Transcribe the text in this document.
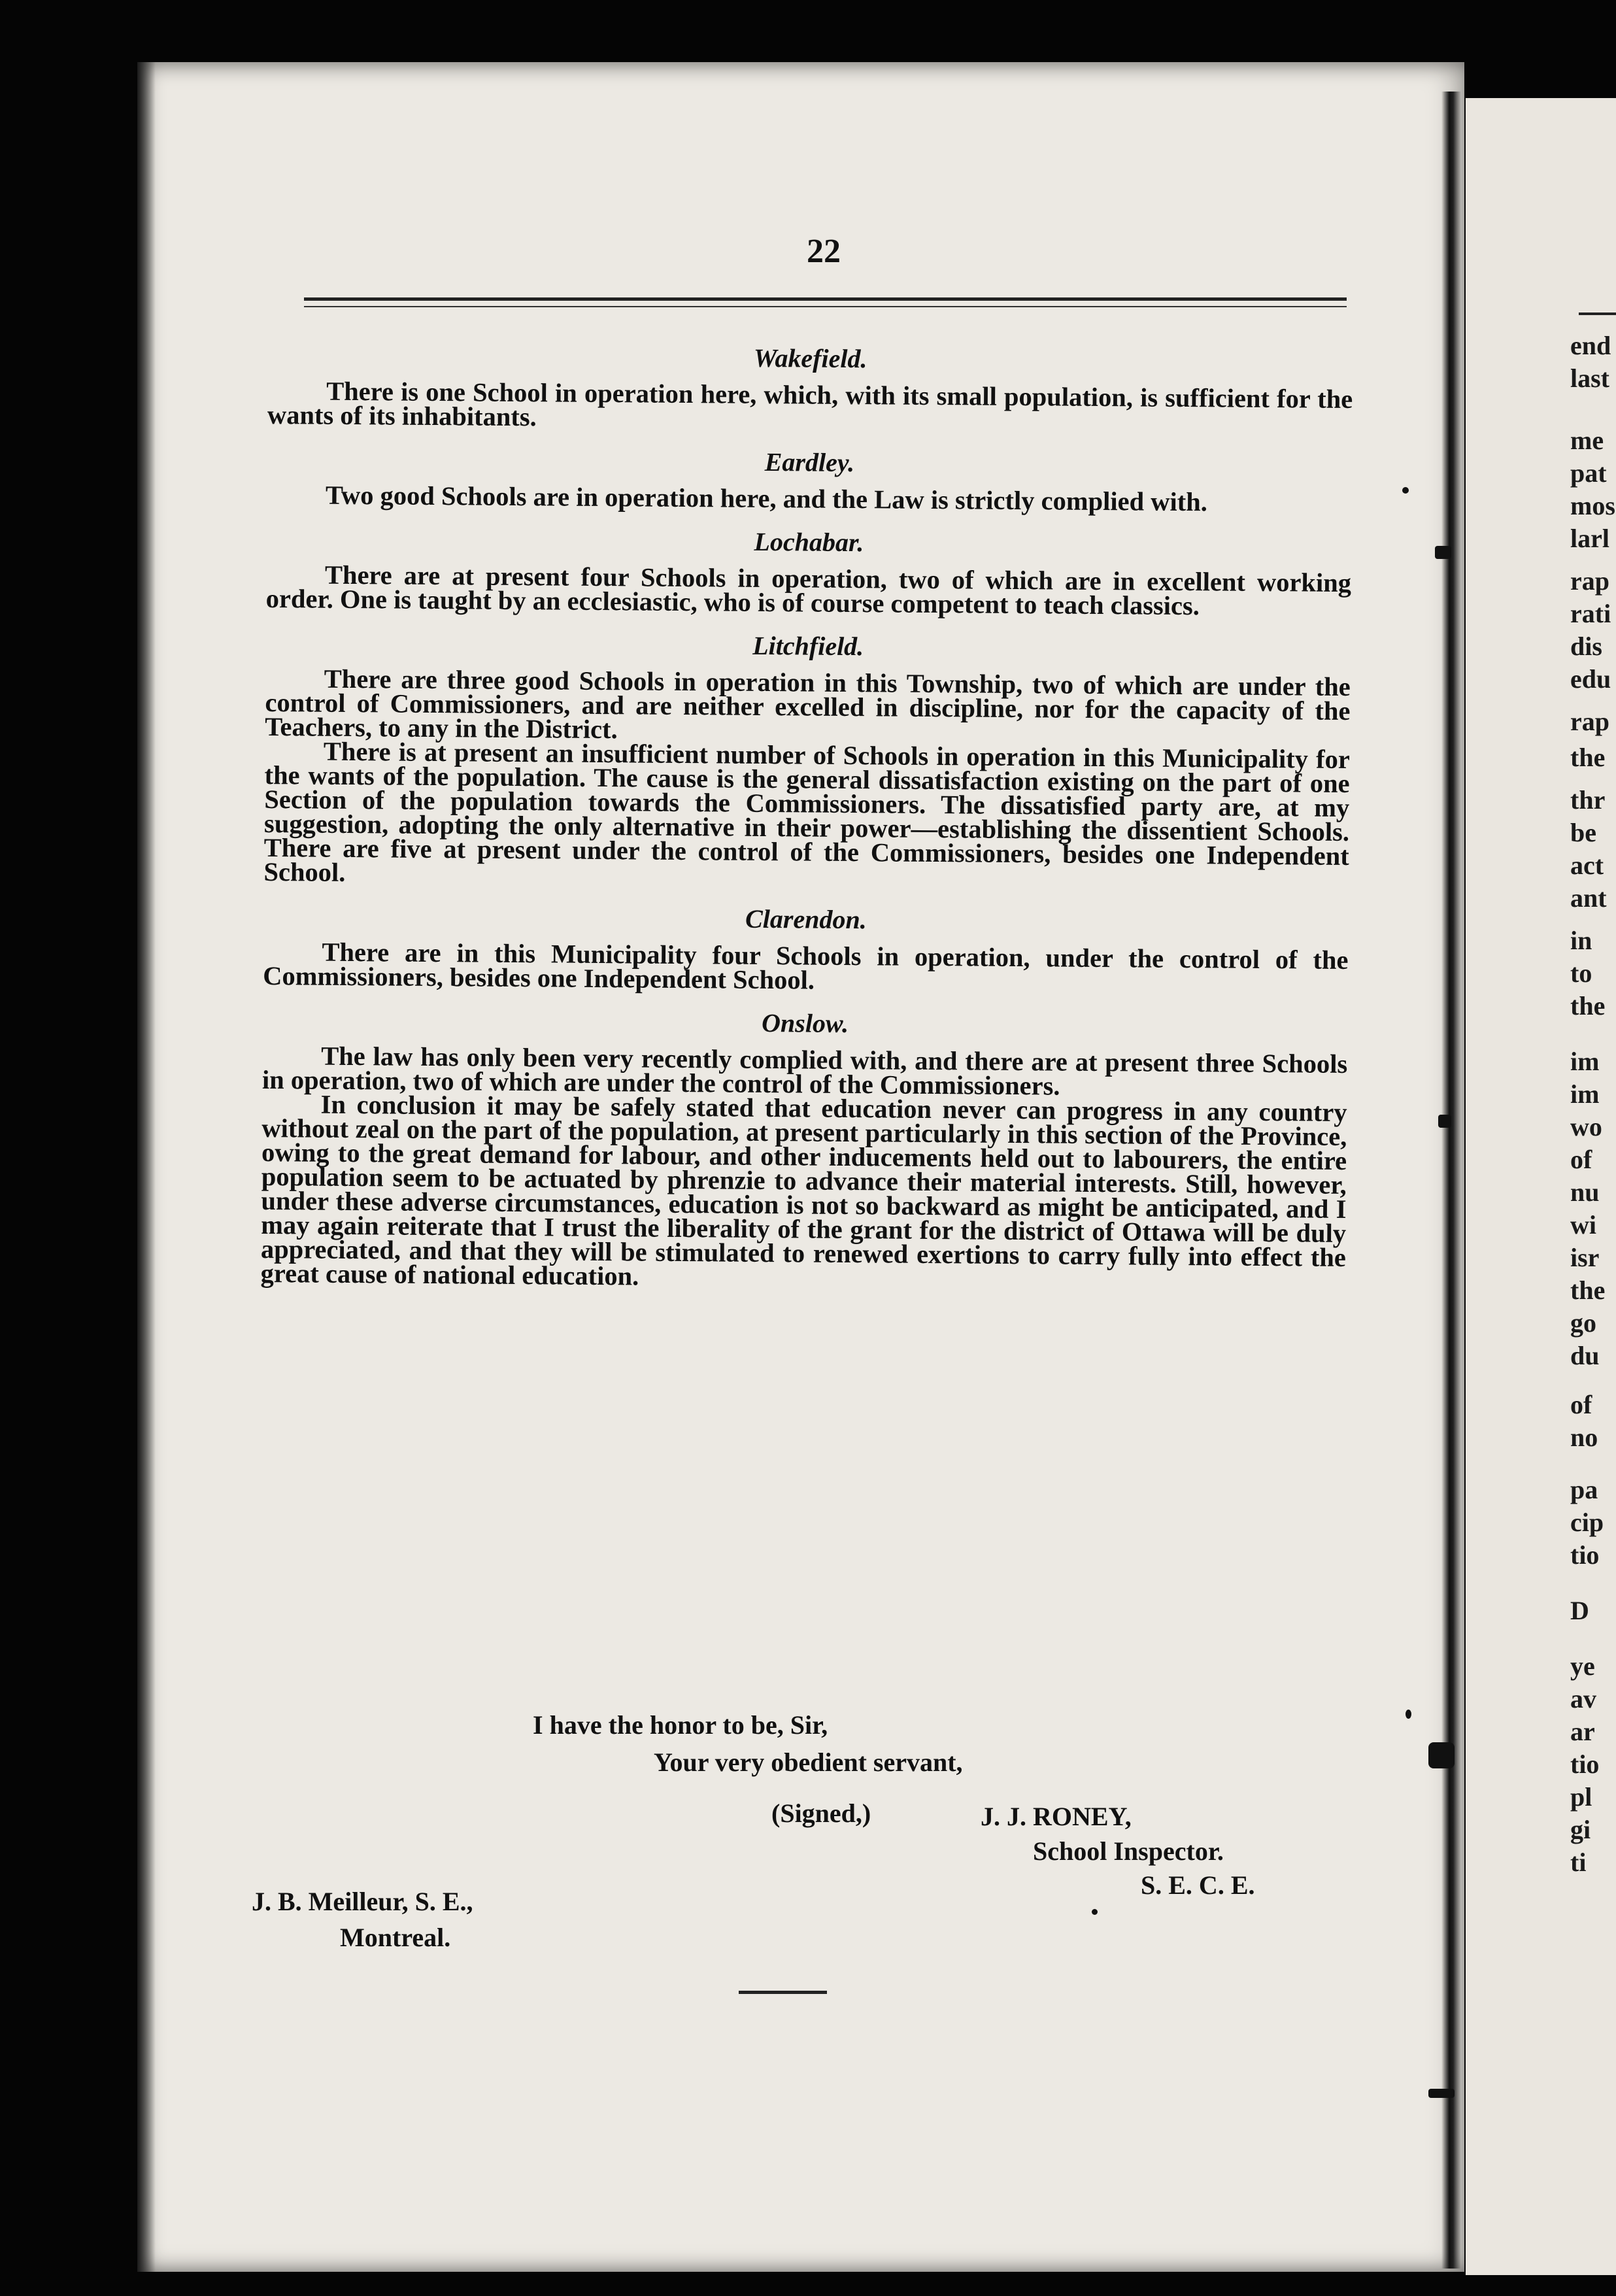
end
last
me
pat
mos
larl
rap
rati
dis
edu
rap
the
thr
be
act
ant
in
to
the
im
im
wo
of
nu
wi
isr
the
go
du
of
no
pa
cip
tio
D
ye
av
ar
tio
pl
gi
ti
22
Wakefield.

There is one School in operation here, which, with its small population, is sufficient for the wants of its inhabitants.

Eardley.

Two good Schools are in operation here, and the Law is strictly complied with.

Lochabar.

There are at present four Schools in operation, two of which are in excellent working order. One is taught by an ecclesiastic, who is of course competent to teach classics.

Litchfield.

There are three good Schools in operation in this Township, two of which are under the control of Commissioners, and are neither excelled in discipline, nor for the capacity of the Teachers, to any in the District.

There is at present an insufficient number of Schools in operation in this Municipality for the wants of the population. The cause is the general dissatisfaction existing on the part of one Section of the population towards the Commissioners. The dissatisfied party are, at my suggestion, adopting the only alternative in their power—establishing the dissentient Schools. There are five at present under the control of the Commissioners, besides one Independent School.

Clarendon.

There are in this Municipality four Schools in operation, under the control of the Commissioners, besides one Independent School.

Onslow.

The law has only been very recently complied with, and there are at present three Schools in operation, two of which are under the control of the Commissioners.

In conclusion it may be safely stated that education never can progress in any country without zeal on the part of the population, at present particularly in this section of the Province, owing to the great demand for labour, and other inducements held out to labourers, the entire population seem to be actuated by phrenzie to advance their material interests. Still, however, under these adverse circumstances, education is not so backward as might be anticipated, and I may again reiterate that I trust the liberality of the grant for the district of Ottawa will be duly appreciated, and that they will be stimulated to renewed exertions to carry fully into effect the great cause of national education.

I have the honor to be, Sir,
Your very obedient servant,
(Signed,)	J. J. RONEY,
School Inspector.
S. E. C. E.
J. B. Meilleur, S. E.,
Montreal.
